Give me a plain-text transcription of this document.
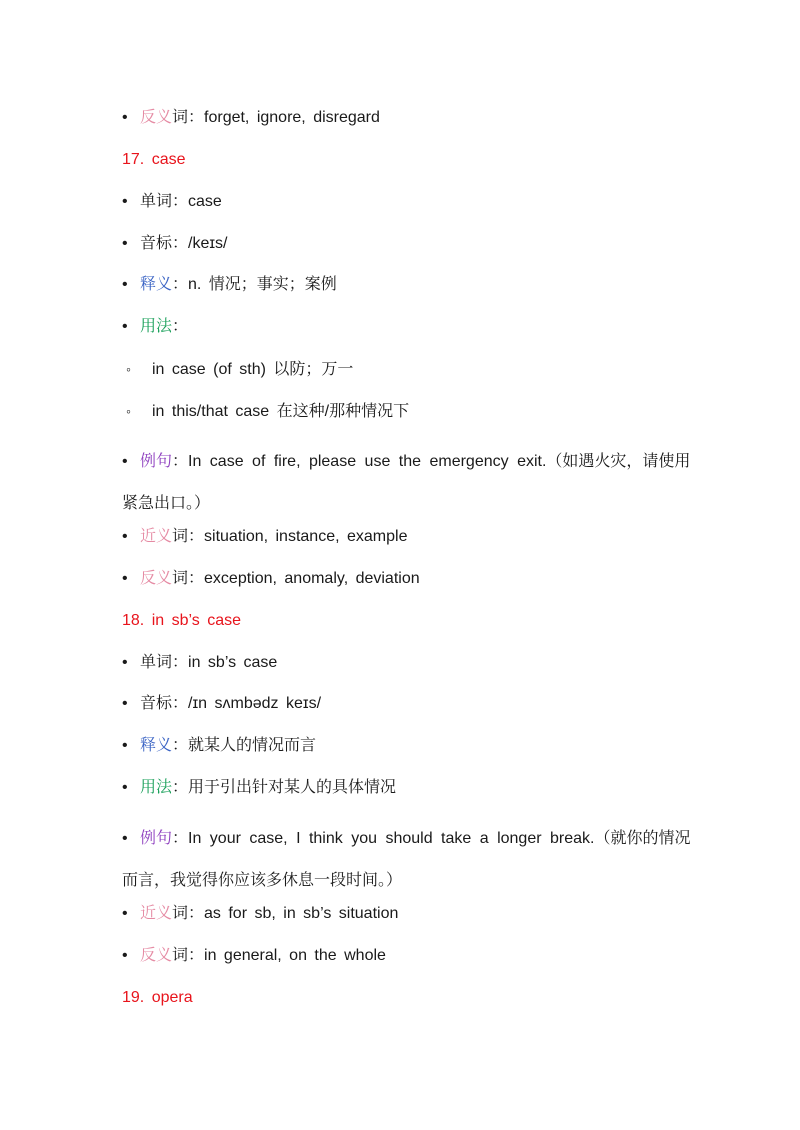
• 反义词：forget, ignore, disregard
17. case
• 单词：case
• 音标：/keɪs/
• 释义：n. 情况；事实；案例
• 用法：
◦ in case (of sth) 以防；万一
◦ in this/that case 在这种/那种情况下
• 例句：In case of fire, please use the emergency exit.（如遇火灾，请使用紧急出口。）
• 近义词：situation, instance, example
• 反义词：exception, anomaly, deviation
18. in sb’s case
• 单词：in sb’s case
• 音标：/ɪn sʌmbədz keɪs/
• 释义：就某人的情况而言
• 用法：用于引出针对某人的具体情况
• 例句：In your case, I think you should take a longer break.（就你的情况而言，我觉得你应该多休息一段时间。）
• 近义词：as for sb, in sb’s situation
• 反义词：in general, on the whole
19. opera
